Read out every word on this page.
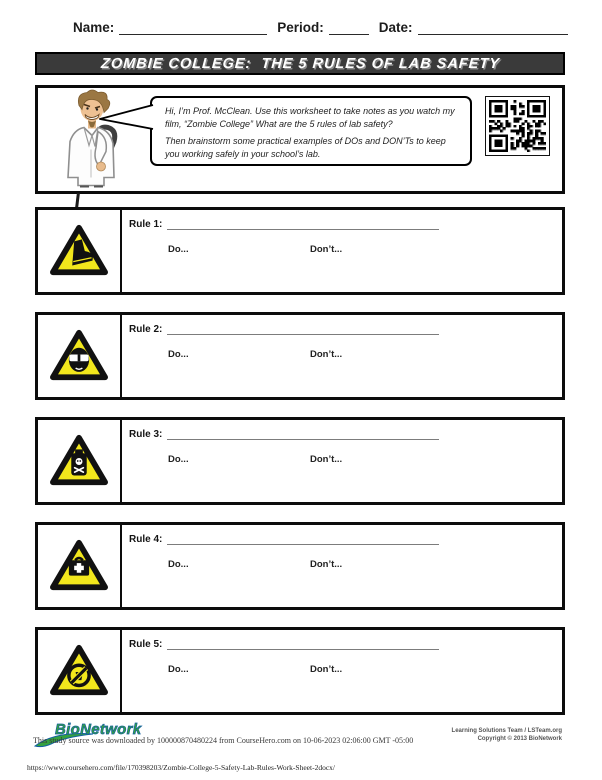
Name:	Period:	Date:
ZOMBIE COLLEGE:  THE 5 RULES OF LAB SAFETY

Hi, I’m Prof. McClean. Use this worksheet to take notes as you watch my film, “Zombie College” What are the 5 rules of lab safety?

Then brainstorm some practical examples of DOs and DON’Ts to keep you working safely in your school’s lab.

Rule 1:
Do...	Don’t...
Rule 2:
Do...	Don’t...
Rule 3:
Do...	Don’t...
Rule 4:
Do...	Don’t...
Rule 5:
Do...	Don’t...
BioNetwork
This study source was downloaded by 100000870480224 from CourseHero.com on 10-06-2023 02:06:00 GMT -05:00
Learning Solutions Team / LSTeam.org
Copyright © 2013 BioNetwork
https://www.coursehero.com/file/170398203/Zombie-College-5-Safety-Lab-Rules-Work-Sheet-2docx/
